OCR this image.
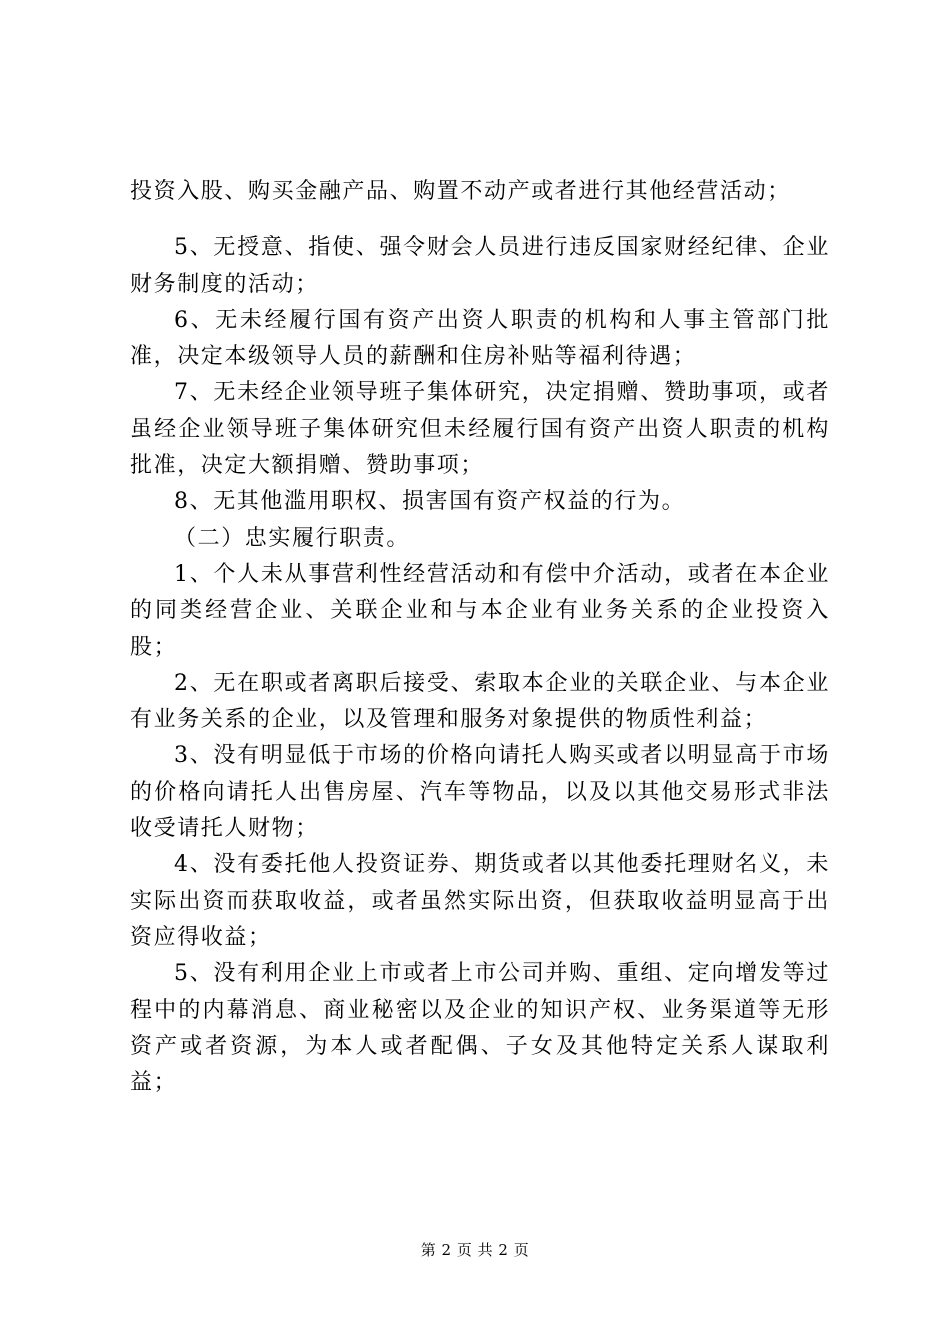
投资入股、购买金融产品、购置不动产或者进行其他经营活动；

5、无授意、指使、强令财会人员进行违反国家财经纪律、企业财务制度的活动；

6、无未经履行国有资产出资人职责的机构和人事主管部门批准，决定本级领导人员的薪酬和住房补贴等福利待遇；

7、无未经企业领导班子集体研究，决定捐赠、赞助事项，或者虽经企业领导班子集体研究但未经履行国有资产出资人职责的机构批准，决定大额捐赠、赞助事项；

8、无其他滥用职权、损害国有资产权益的行为。

（二）忠实履行职责。

1、个人未从事营利性经营活动和有偿中介活动，或者在本企业的同类经营企业、关联企业和与本企业有业务关系的企业投资入股；

2、无在职或者离职后接受、索取本企业的关联企业、与本企业有业务关系的企业，以及管理和服务对象提供的物质性利益；

3、没有明显低于市场的价格向请托人购买或者以明显高于市场的价格向请托人出售房屋、汽车等物品，以及以其他交易形式非法收受请托人财物；

4、没有委托他人投资证券、期货或者以其他委托理财名义，未实际出资而获取收益，或者虽然实际出资，但获取收益明显高于出资应得收益；

5、没有利用企业上市或者上市公司并购、重组、定向增发等过程中的内幕消息、商业秘密以及企业的知识产权、业务渠道等无形资产或者资源，为本人或者配偶、子女及其他特定关系人谋取利益；

第 2 页 共 2 页
